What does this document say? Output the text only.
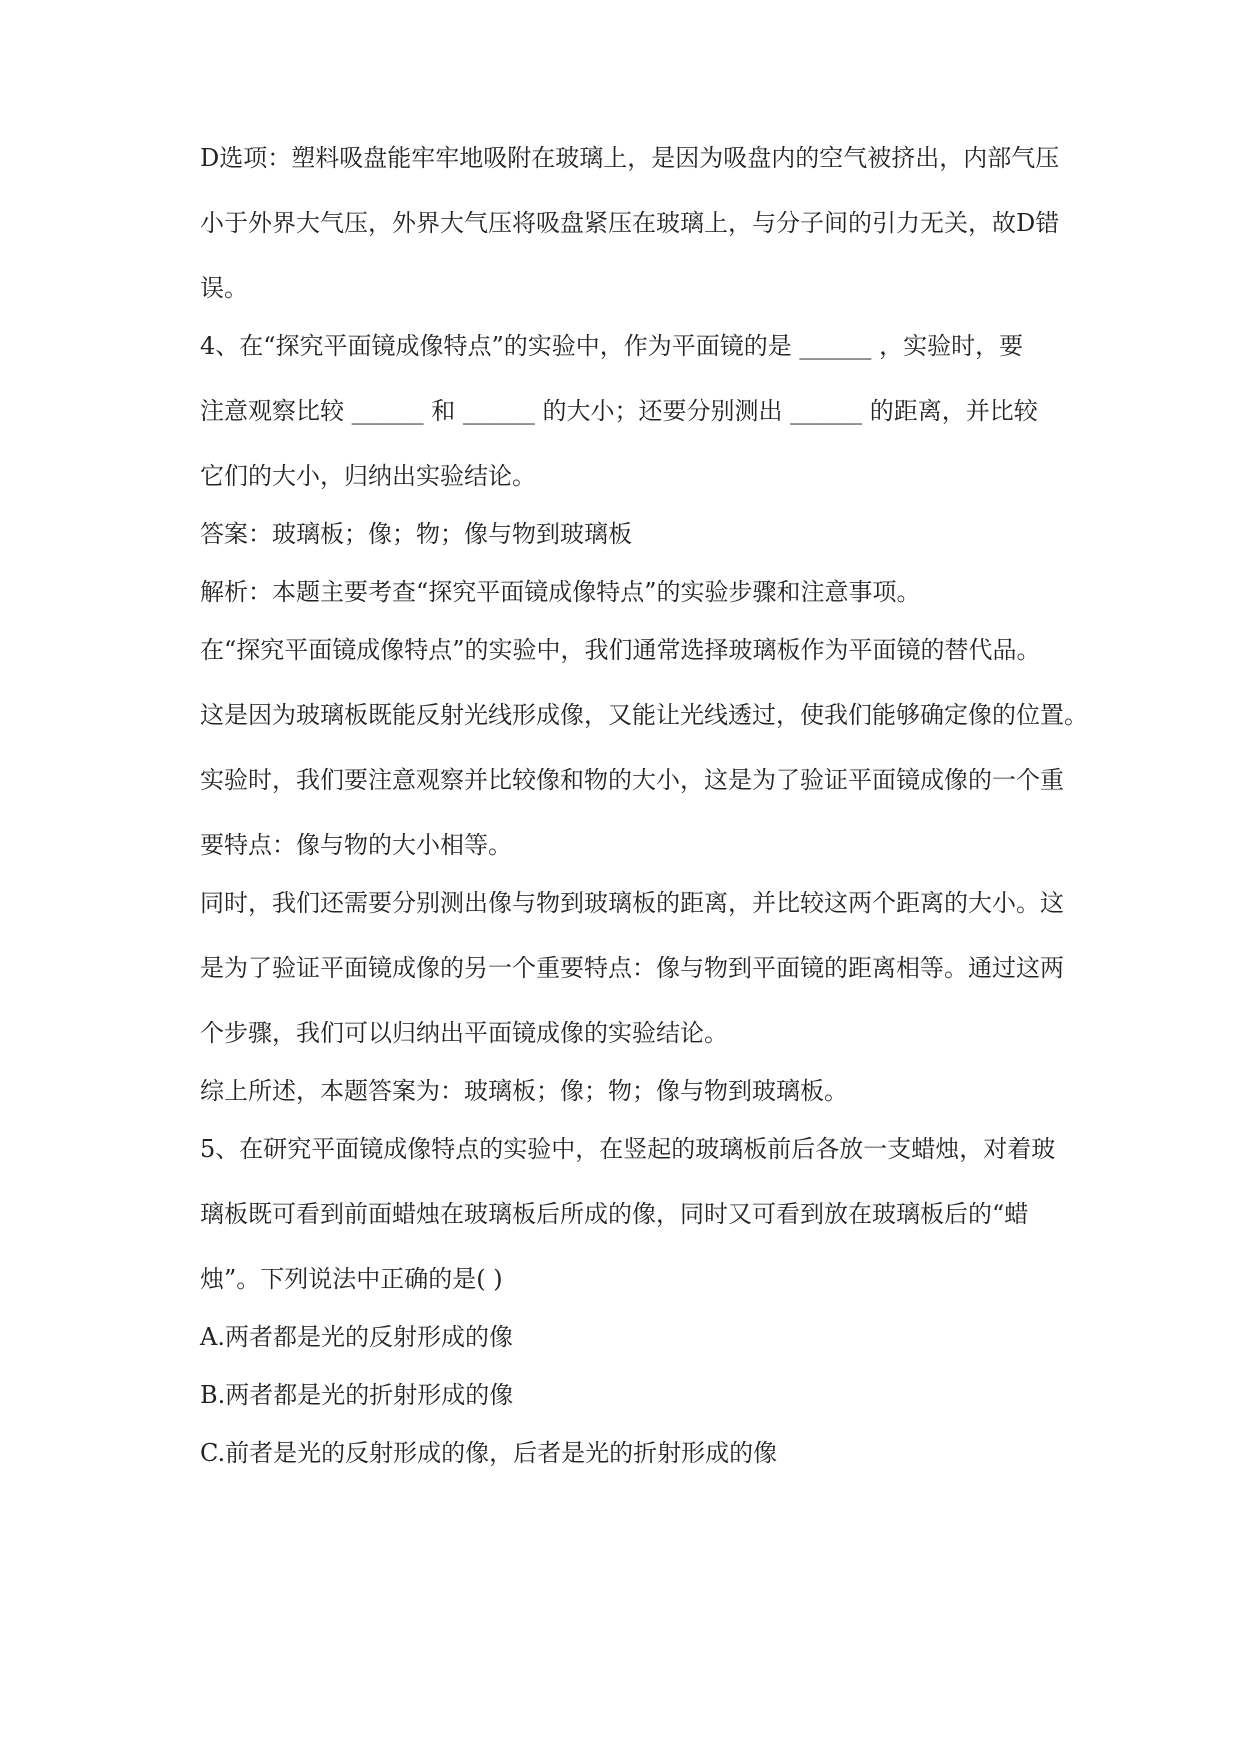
D选项：塑料吸盘能牢牢地吸附在玻璃上，是因为吸盘内的空气被挤出，内部气压

小于外界大气压，外界大气压将吸盘紧压在玻璃上，与分子间的引力无关，故D错

误。

4、在“探究平面镜成像特点”的实验中，作为平面镜的是 ______ ，实验时，要

注意观察比较 ______ 和 ______ 的大小；还要分别测出 ______ 的距离，并比较

它们的大小，归纳出实验结论。

答案：玻璃板；像；物；像与物到玻璃板

解析：本题主要考查“探究平面镜成像特点”的实验步骤和注意事项。

在“探究平面镜成像特点”的实验中，我们通常选择玻璃板作为平面镜的替代品。

这是因为玻璃板既能反射光线形成像，又能让光线透过，使我们能够确定像的位置。

实验时，我们要注意观察并比较像和物的大小，这是为了验证平面镜成像的一个重

要特点：像与物的大小相等。

同时，我们还需要分别测出像与物到玻璃板的距离，并比较这两个距离的大小。这

是为了验证平面镜成像的另一个重要特点：像与物到平面镜的距离相等。通过这两

个步骤，我们可以归纳出平面镜成像的实验结论。

综上所述，本题答案为：玻璃板；像；物；像与物到玻璃板。

5、在研究平面镜成像特点的实验中，在竖起的玻璃板前后各放一支蜡烛，对着玻

璃板既可看到前面蜡烛在玻璃板后所成的像，同时又可看到放在玻璃板后的“蜡

烛”。下列说法中正确的是( )

A.两者都是光的反射形成的像

B.两者都是光的折射形成的像

C.前者是光的反射形成的像，后者是光的折射形成的像
